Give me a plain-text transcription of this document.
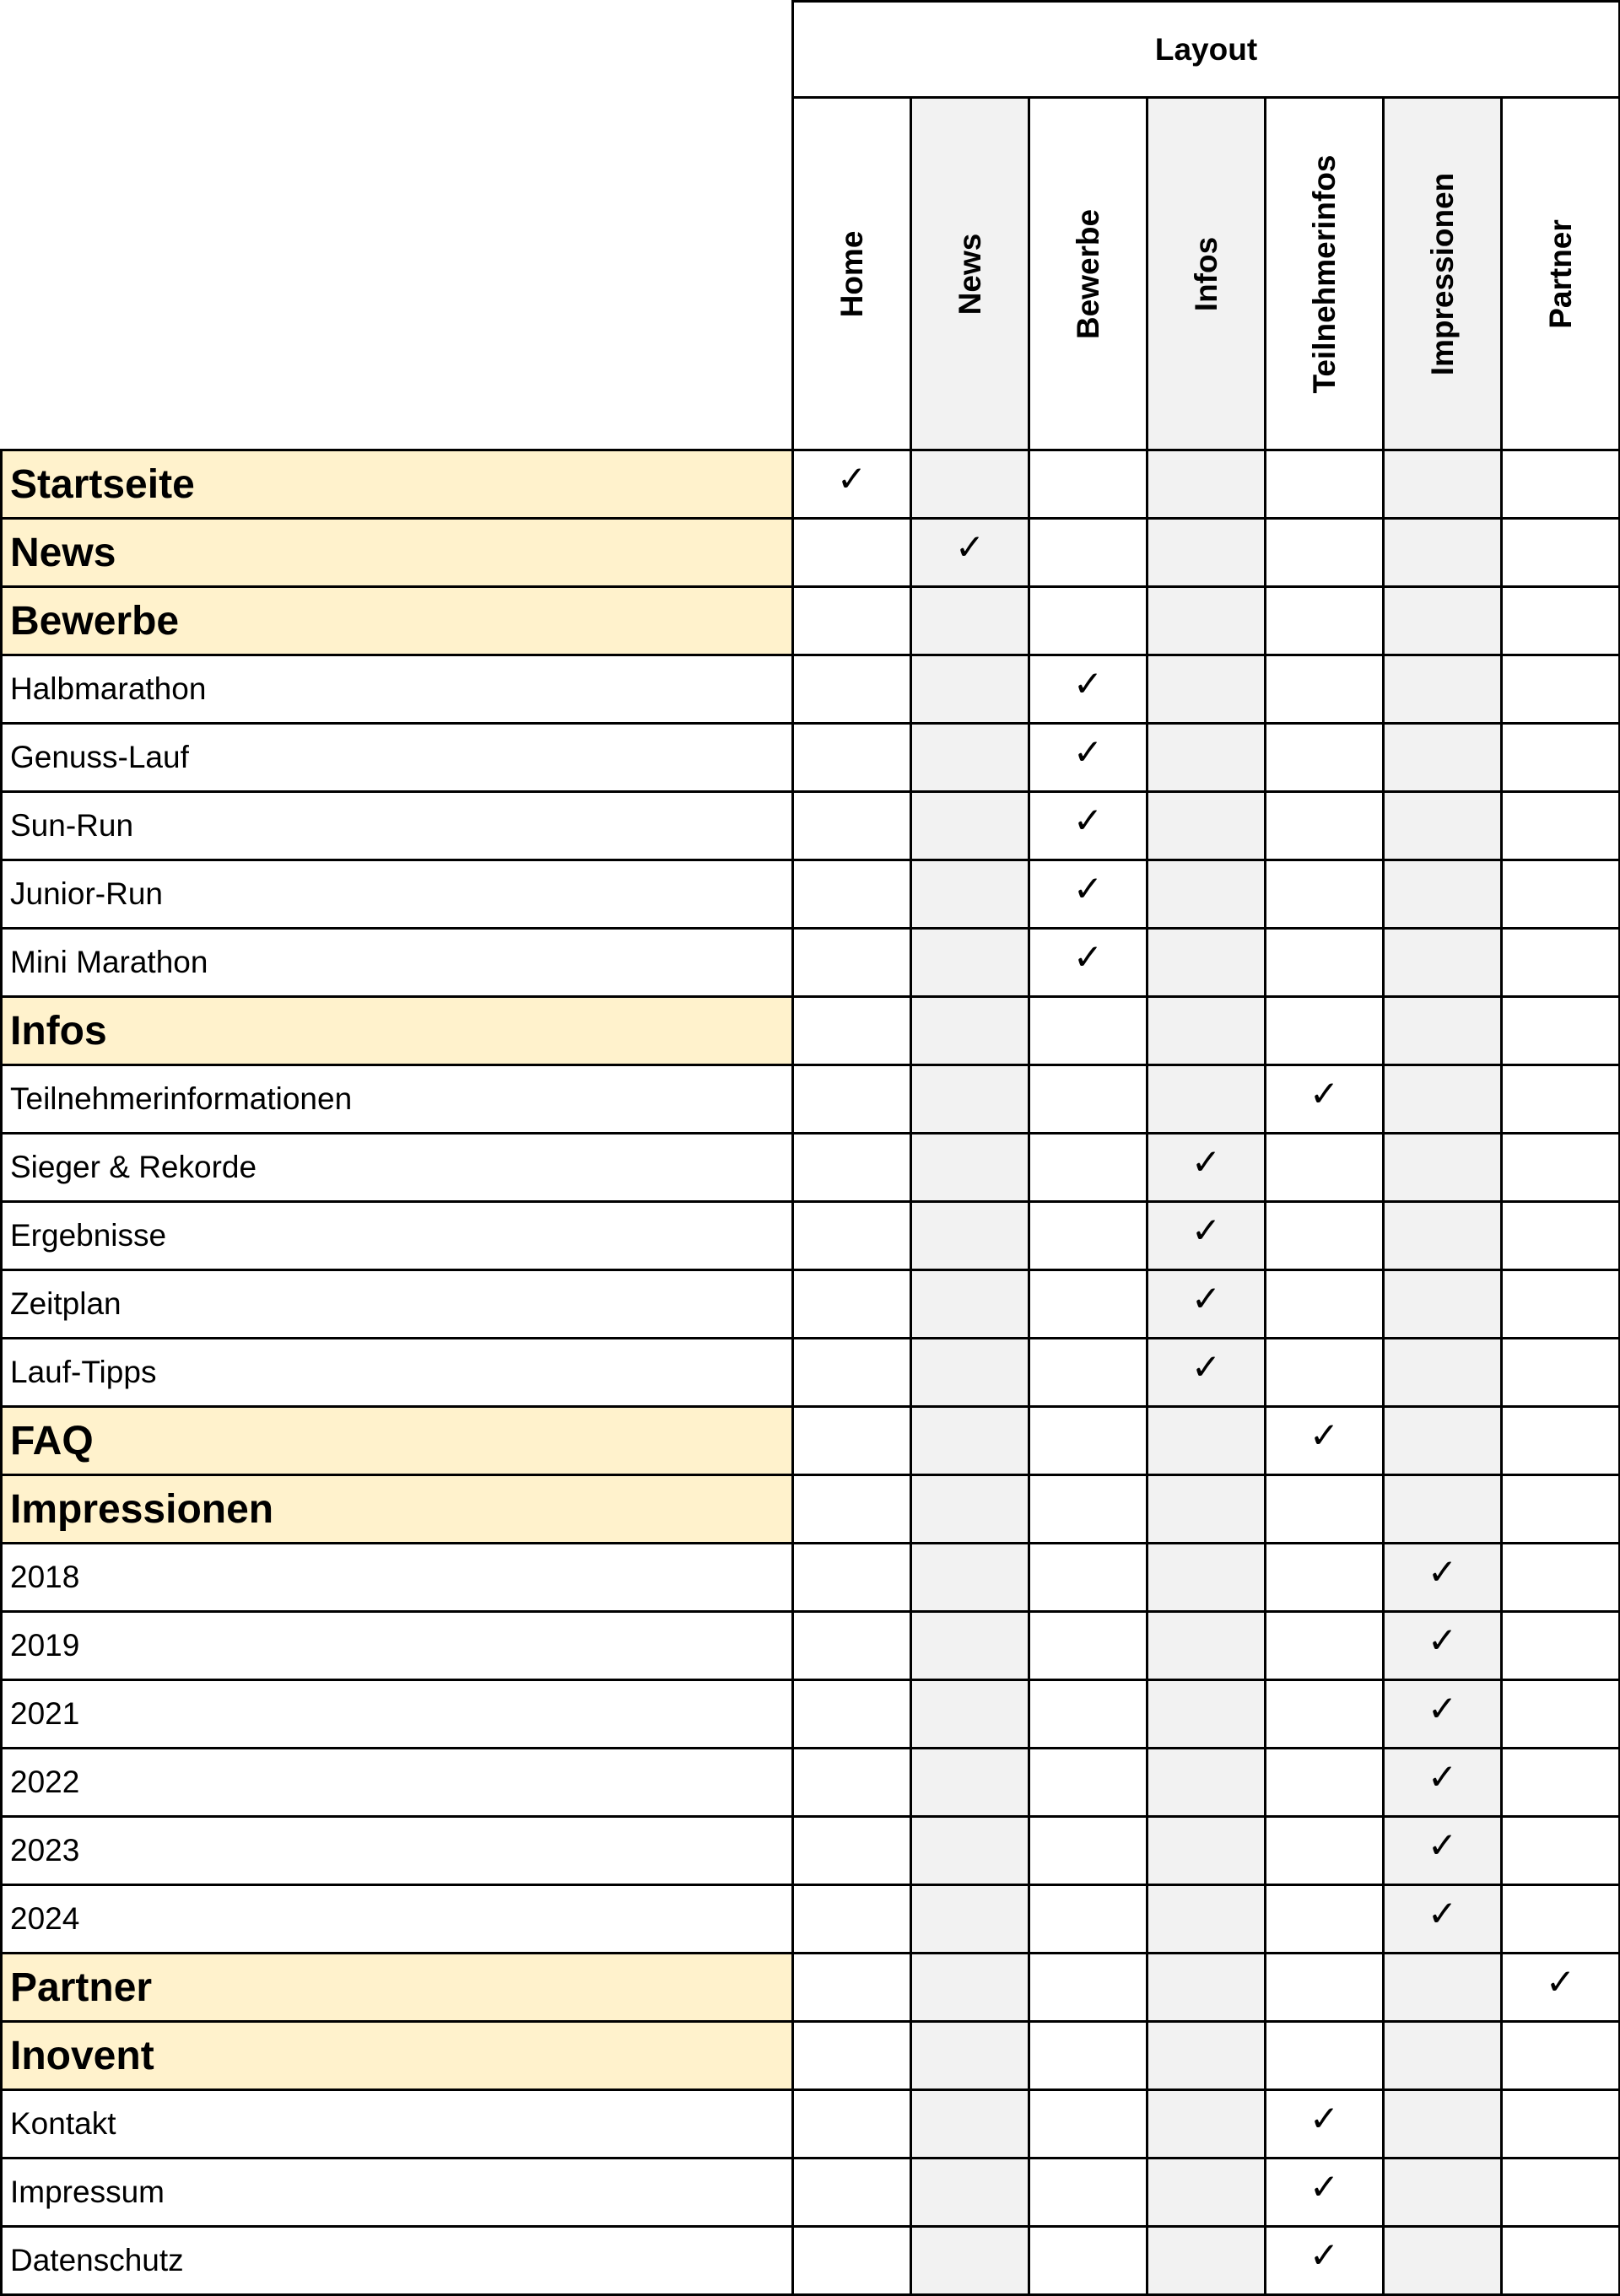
	Layout						

	Home	News	Bewerbe	Infos	Teilnehmerinfos	Impressionen	Partner

Startseite	✓						
News		✓					
Bewerbe							
Halbmarathon			✓				
Genuss-Lauf			✓				
Sun-Run			✓				
Junior-Run			✓				
Mini Marathon			✓				
Infos							
Teilnehmerinformationen					✓		
Sieger & Rekorde				✓			
Ergebnisse				✓			
Zeitplan				✓			
Lauf-Tipps				✓			
FAQ					✓		
Impressionen							
2018						✓	
2019						✓	
2021						✓	
2022						✓	
2023						✓	
2024						✓	
Partner							✓
Inovent							
Kontakt					✓		
Impressum					✓		
Datenschutz					✓		
